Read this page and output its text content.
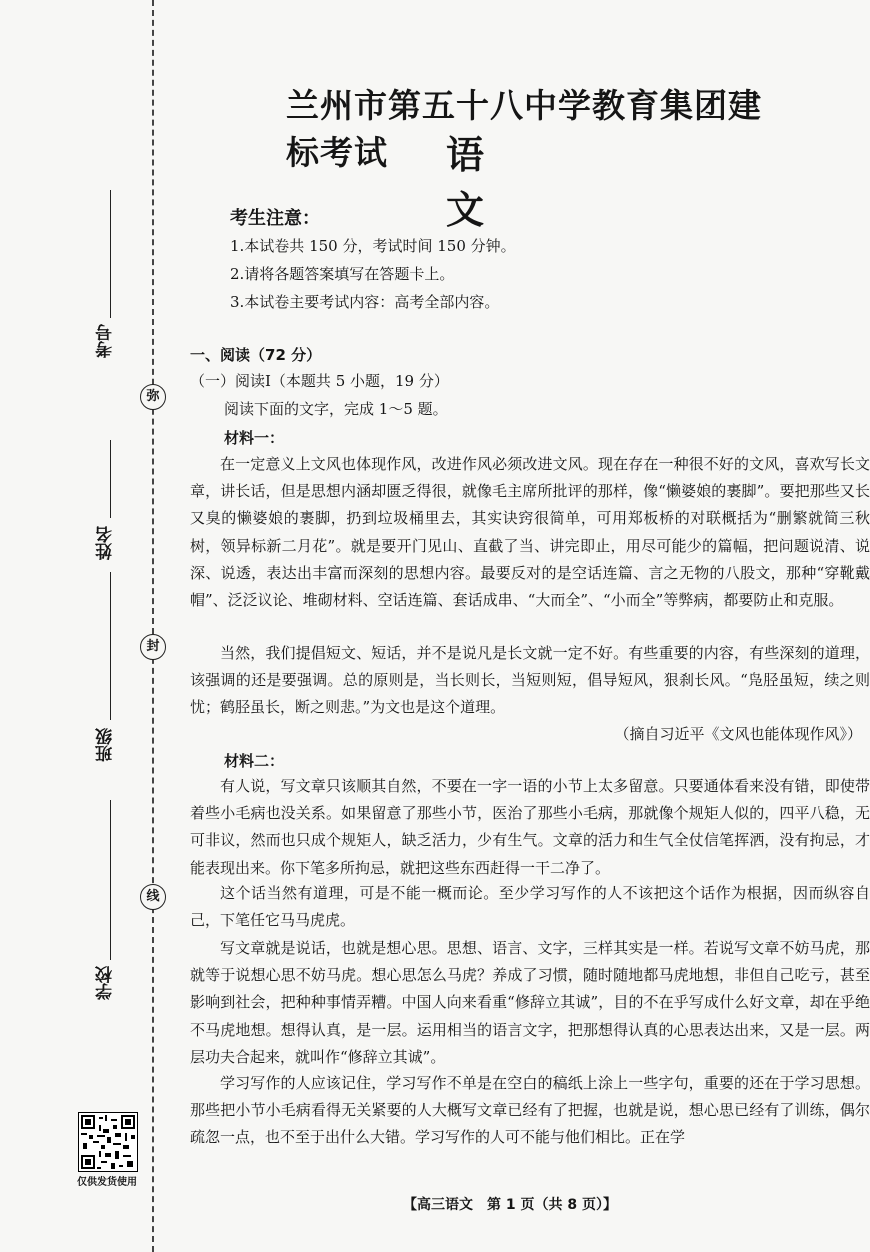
考号
姓名
班级
学校
弥
封
线
仅供发货使用
兰州市第五十八中学教育集团建标考试	语文
考生注意：
1.本试卷共 150 分，考试时间 150 分钟。
2.请将各题答案填写在答题卡上。
3.本试卷主要考试内容：高考全部内容。
一、阅读（72 分）
（一）阅读Ⅰ（本题共 5 小题，19 分）
阅读下面的文字，完成 1～5 题。
材料一：

在一定意义上文风也体现作风，改进作风必须改进文风。现在存在一种很不好的文风，喜欢写长文章，讲长话，但是思想内涵却匮乏得很，就像毛主席所批评的那样，像“懒婆娘的裹脚”。要把那些又长又臭的懒婆娘的裹脚，扔到垃圾桶里去，其实诀窍很简单，可用郑板桥的对联概括为“删繁就简三秋树，领异标新二月花”。就是要开门见山、直截了当、讲完即止，用尽可能少的篇幅，把问题说清、说深、说透，表达出丰富而深刻的思想内容。最要反对的是空话连篇、言之无物的八股文，那种“穿靴戴帽”、泛泛议论、堆砌材料、空话连篇、套话成串、“大而全”、“小而全”等弊病，都要防止和克服。

当然，我们提倡短文、短话，并不是说凡是长文就一定不好。有些重要的内容，有些深刻的道理，该强调的还是要强调。总的原则是，当长则长，当短则短，倡导短风，狠刹长风。“凫胫虽短，续之则忧；鹤胫虽长，断之则悲。”为文也是这个道理。

（摘自习近平《文风也能体现作风》）
材料二：

有人说，写文章只该顺其自然，不要在一字一语的小节上太多留意。只要通体看来没有错，即使带着些小毛病也没关系。如果留意了那些小节，医治了那些小毛病，那就像个规矩人似的，四平八稳，无可非议，然而也只成个规矩人，缺乏活力，少有生气。文章的活力和生气全仗信笔挥洒，没有拘忌，才能表现出来。你下笔多所拘忌，就把这些东西赶得一干二净了。

这个话当然有道理，可是不能一概而论。至少学习写作的人不该把这个话作为根据，因而纵容自己，下笔任它马马虎虎。

写文章就是说话，也就是想心思。思想、语言、文字，三样其实是一样。若说写文章不妨马虎，那就等于说想心思不妨马虎。想心思怎么马虎？养成了习惯，随时随地都马虎地想，非但自己吃亏，甚至影响到社会，把种种事情弄糟。中国人向来看重“修辞立其诚”，目的不在乎写成什么好文章，却在乎绝不马虎地想。想得认真，是一层。运用相当的语言文字，把那想得认真的心思表达出来，又是一层。两层功夫合起来，就叫作“修辞立其诚”。

学习写作的人应该记住，学习写作不单是在空白的稿纸上涂上一些字句，重要的还在于学习思想。那些把小节小毛病看得无关紧要的人大概写文章已经有了把握，也就是说，想心思已经有了训练，偶尔疏忽一点，也不至于出什么大错。学习写作的人可不能与他们相比。正在学

【高三语文　第 1 页（共 8 页）】
